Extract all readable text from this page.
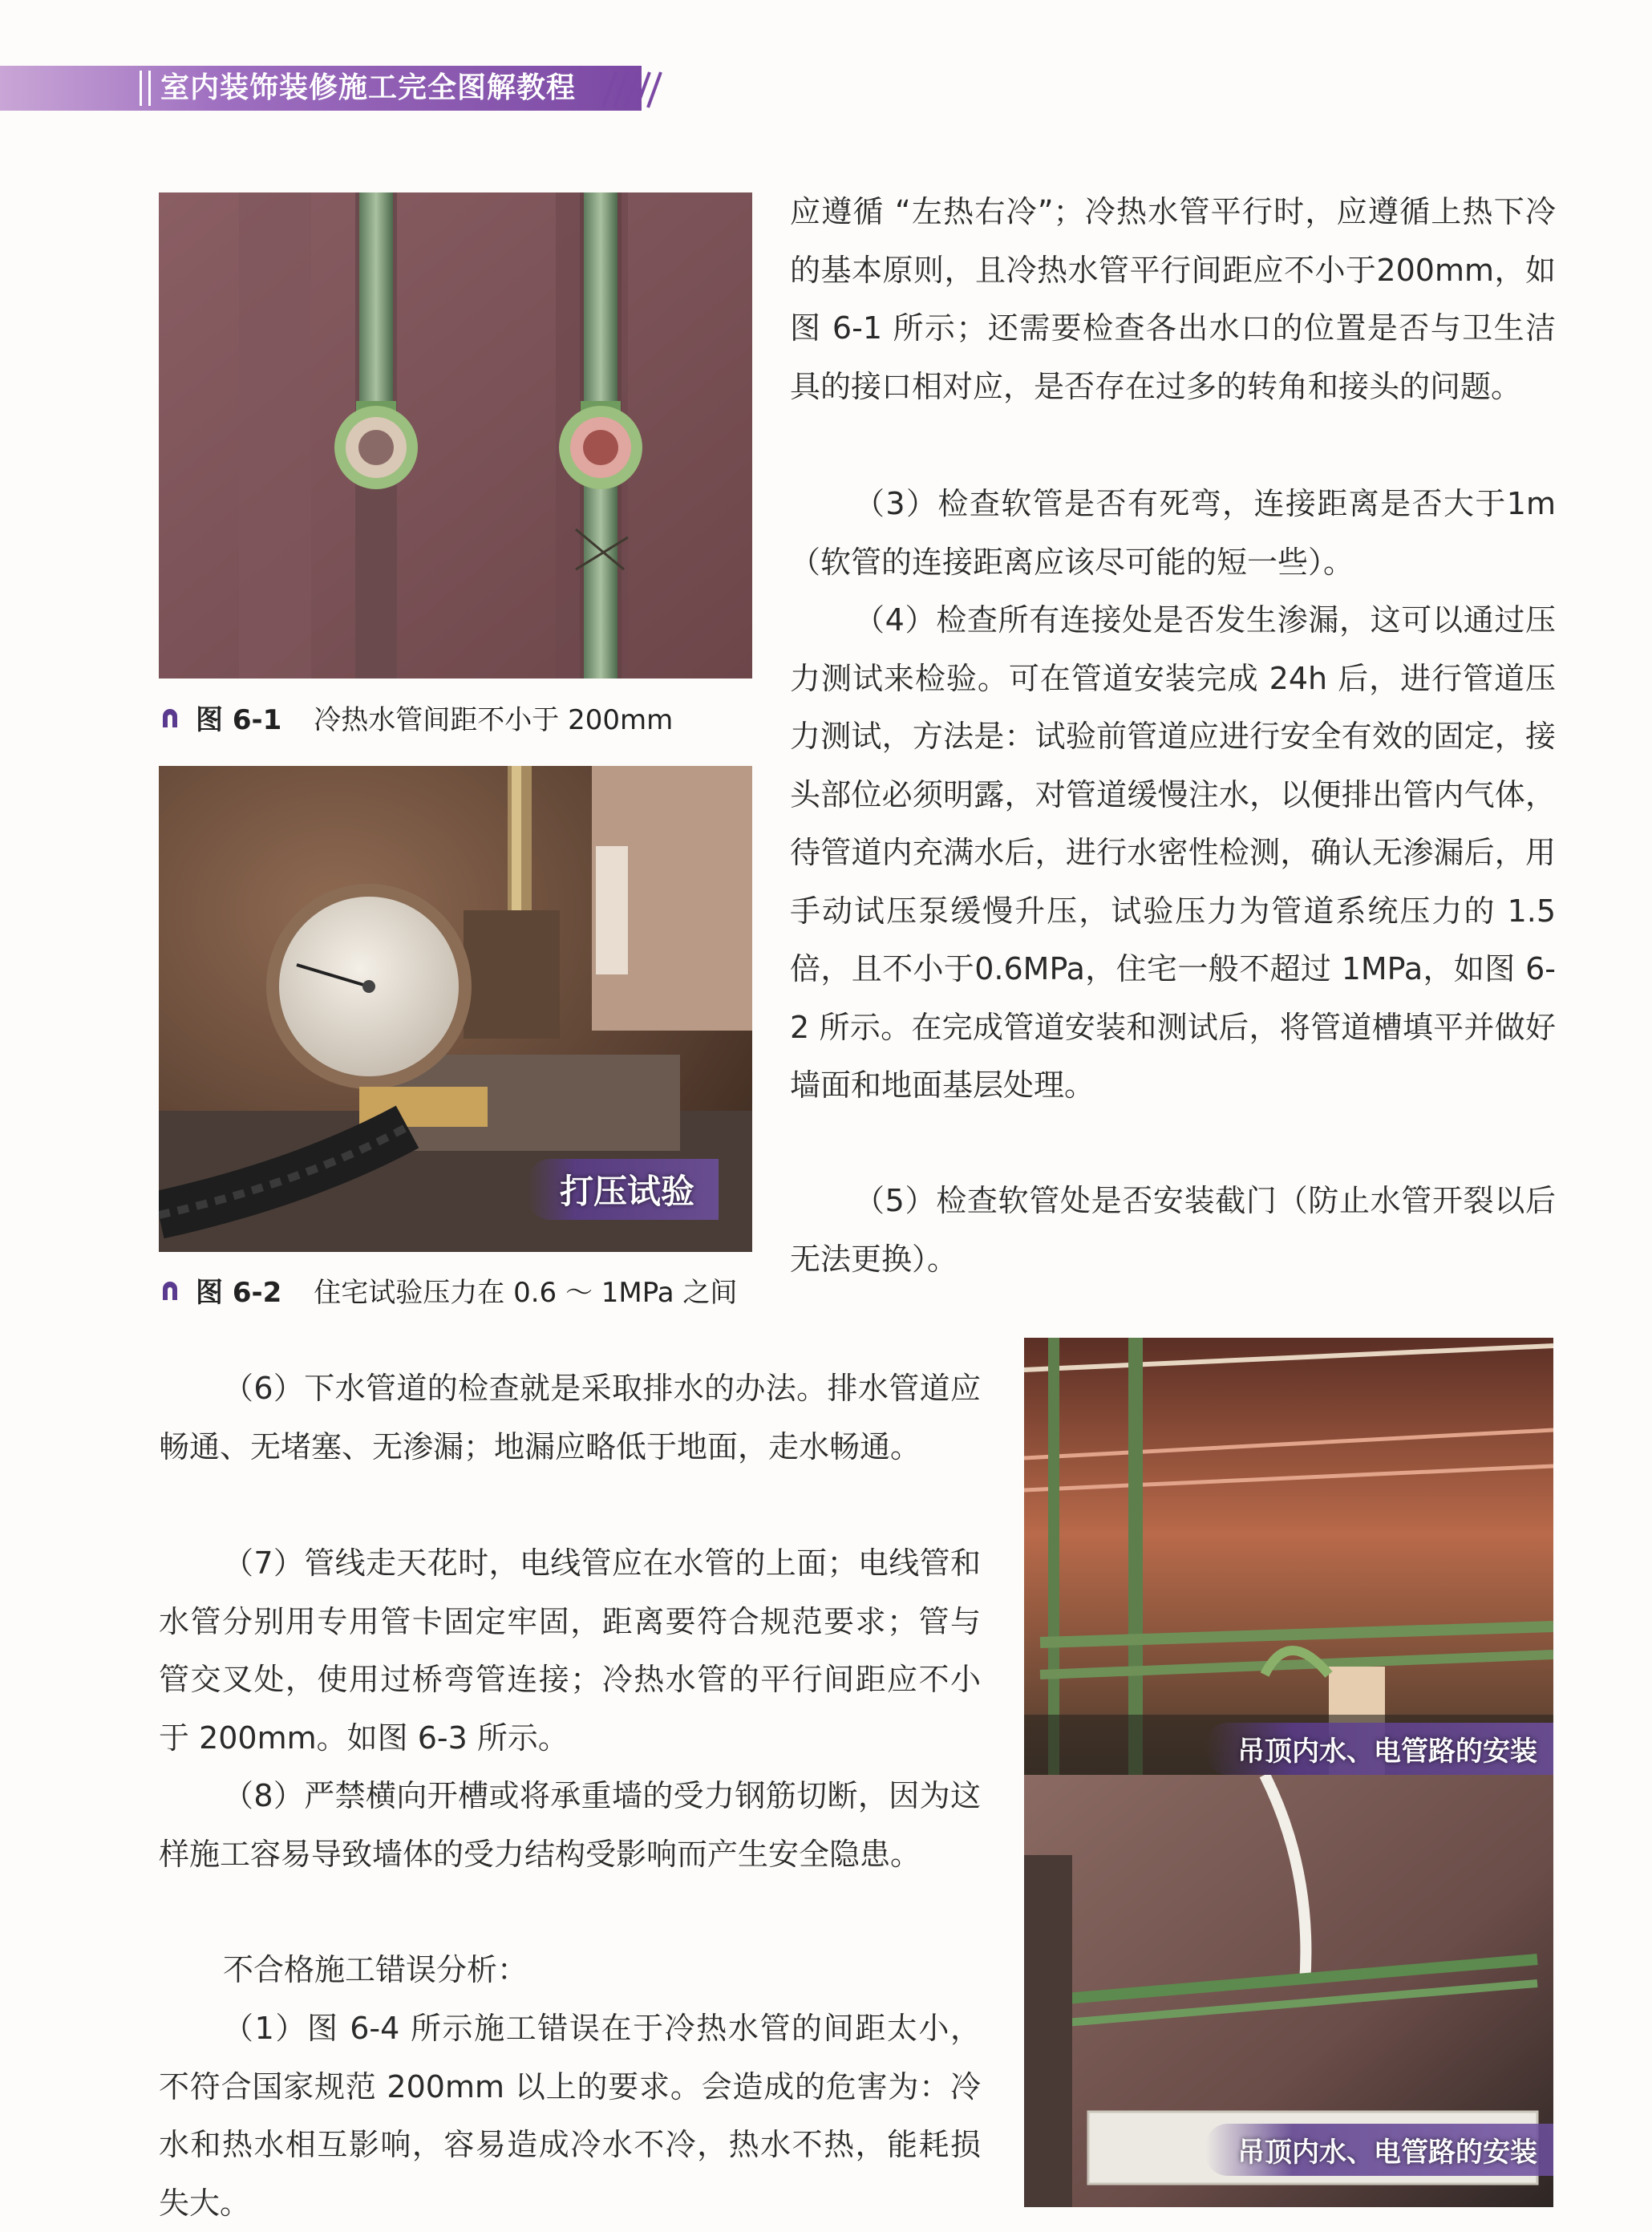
室内装饰装修施工完全图解教程
图 6-1 冷热水管间距不小于 200mm
打压试验
图 6-2 住宅试验压力在 0.6 ～ 1MPa 之间

应遵循 “左热右冷”；冷热水管平行时，应遵循上热下冷的基本原则，且冷热水管平行间距应不小于200mm，如图 6-1 所示；还需要检查各出水口的位置是否与卫生洁具的接口相对应，是否存在过多的转角和接头的问题。

（3）检查软管是否有死弯，连接距离是否大于1m（软管的连接距离应该尽可能的短一些）。

（4）检查所有连接处是否发生渗漏，这可以通过压力测试来检验。可在管道安装完成 24h 后，进行管道压力测试，方法是：试验前管道应进行安全有效的固定，接头部位必须明露，对管道缓慢注水，以便排出管内气体，待管道内充满水后，进行水密性检测，确认无渗漏后，用手动试压泵缓慢升压，试验压力为管道系统压力的 1.5 倍，且不小于0.6MPa，住宅一般不超过 1MPa，如图 6-2 所示。在完成管道安装和测试后，将管道槽填平并做好墙面和地面基层处理。

（5）检查软管处是否安装截门（防止水管开裂以后无法更换）。

（6）下水管道的检查就是采取排水的办法。排水管道应畅通、无堵塞、无渗漏；地漏应略低于地面，走水畅通。

（7）管线走天花时，电线管应在水管的上面；电线管和水管分别用专用管卡固定牢固，距离要符合规范要求；管与管交叉处，使用过桥弯管连接；冷热水管的平行间距应不小于 200mm。如图 6-3 所示。

（8）严禁横向开槽或将承重墙的受力钢筋切断，因为这样施工容易导致墙体的受力结构受影响而产生安全隐患。

不合格施工错误分析：

（1）图 6-4 所示施工错误在于冷热水管的间距太小，不符合国家规范 200mm 以上的要求。会造成的危害为：冷水和热水相互影响，容易造成冷水不冷，热水不热，能耗损失大。

吊顶内水、电管路的安装
吊顶内水、电管路的安装
